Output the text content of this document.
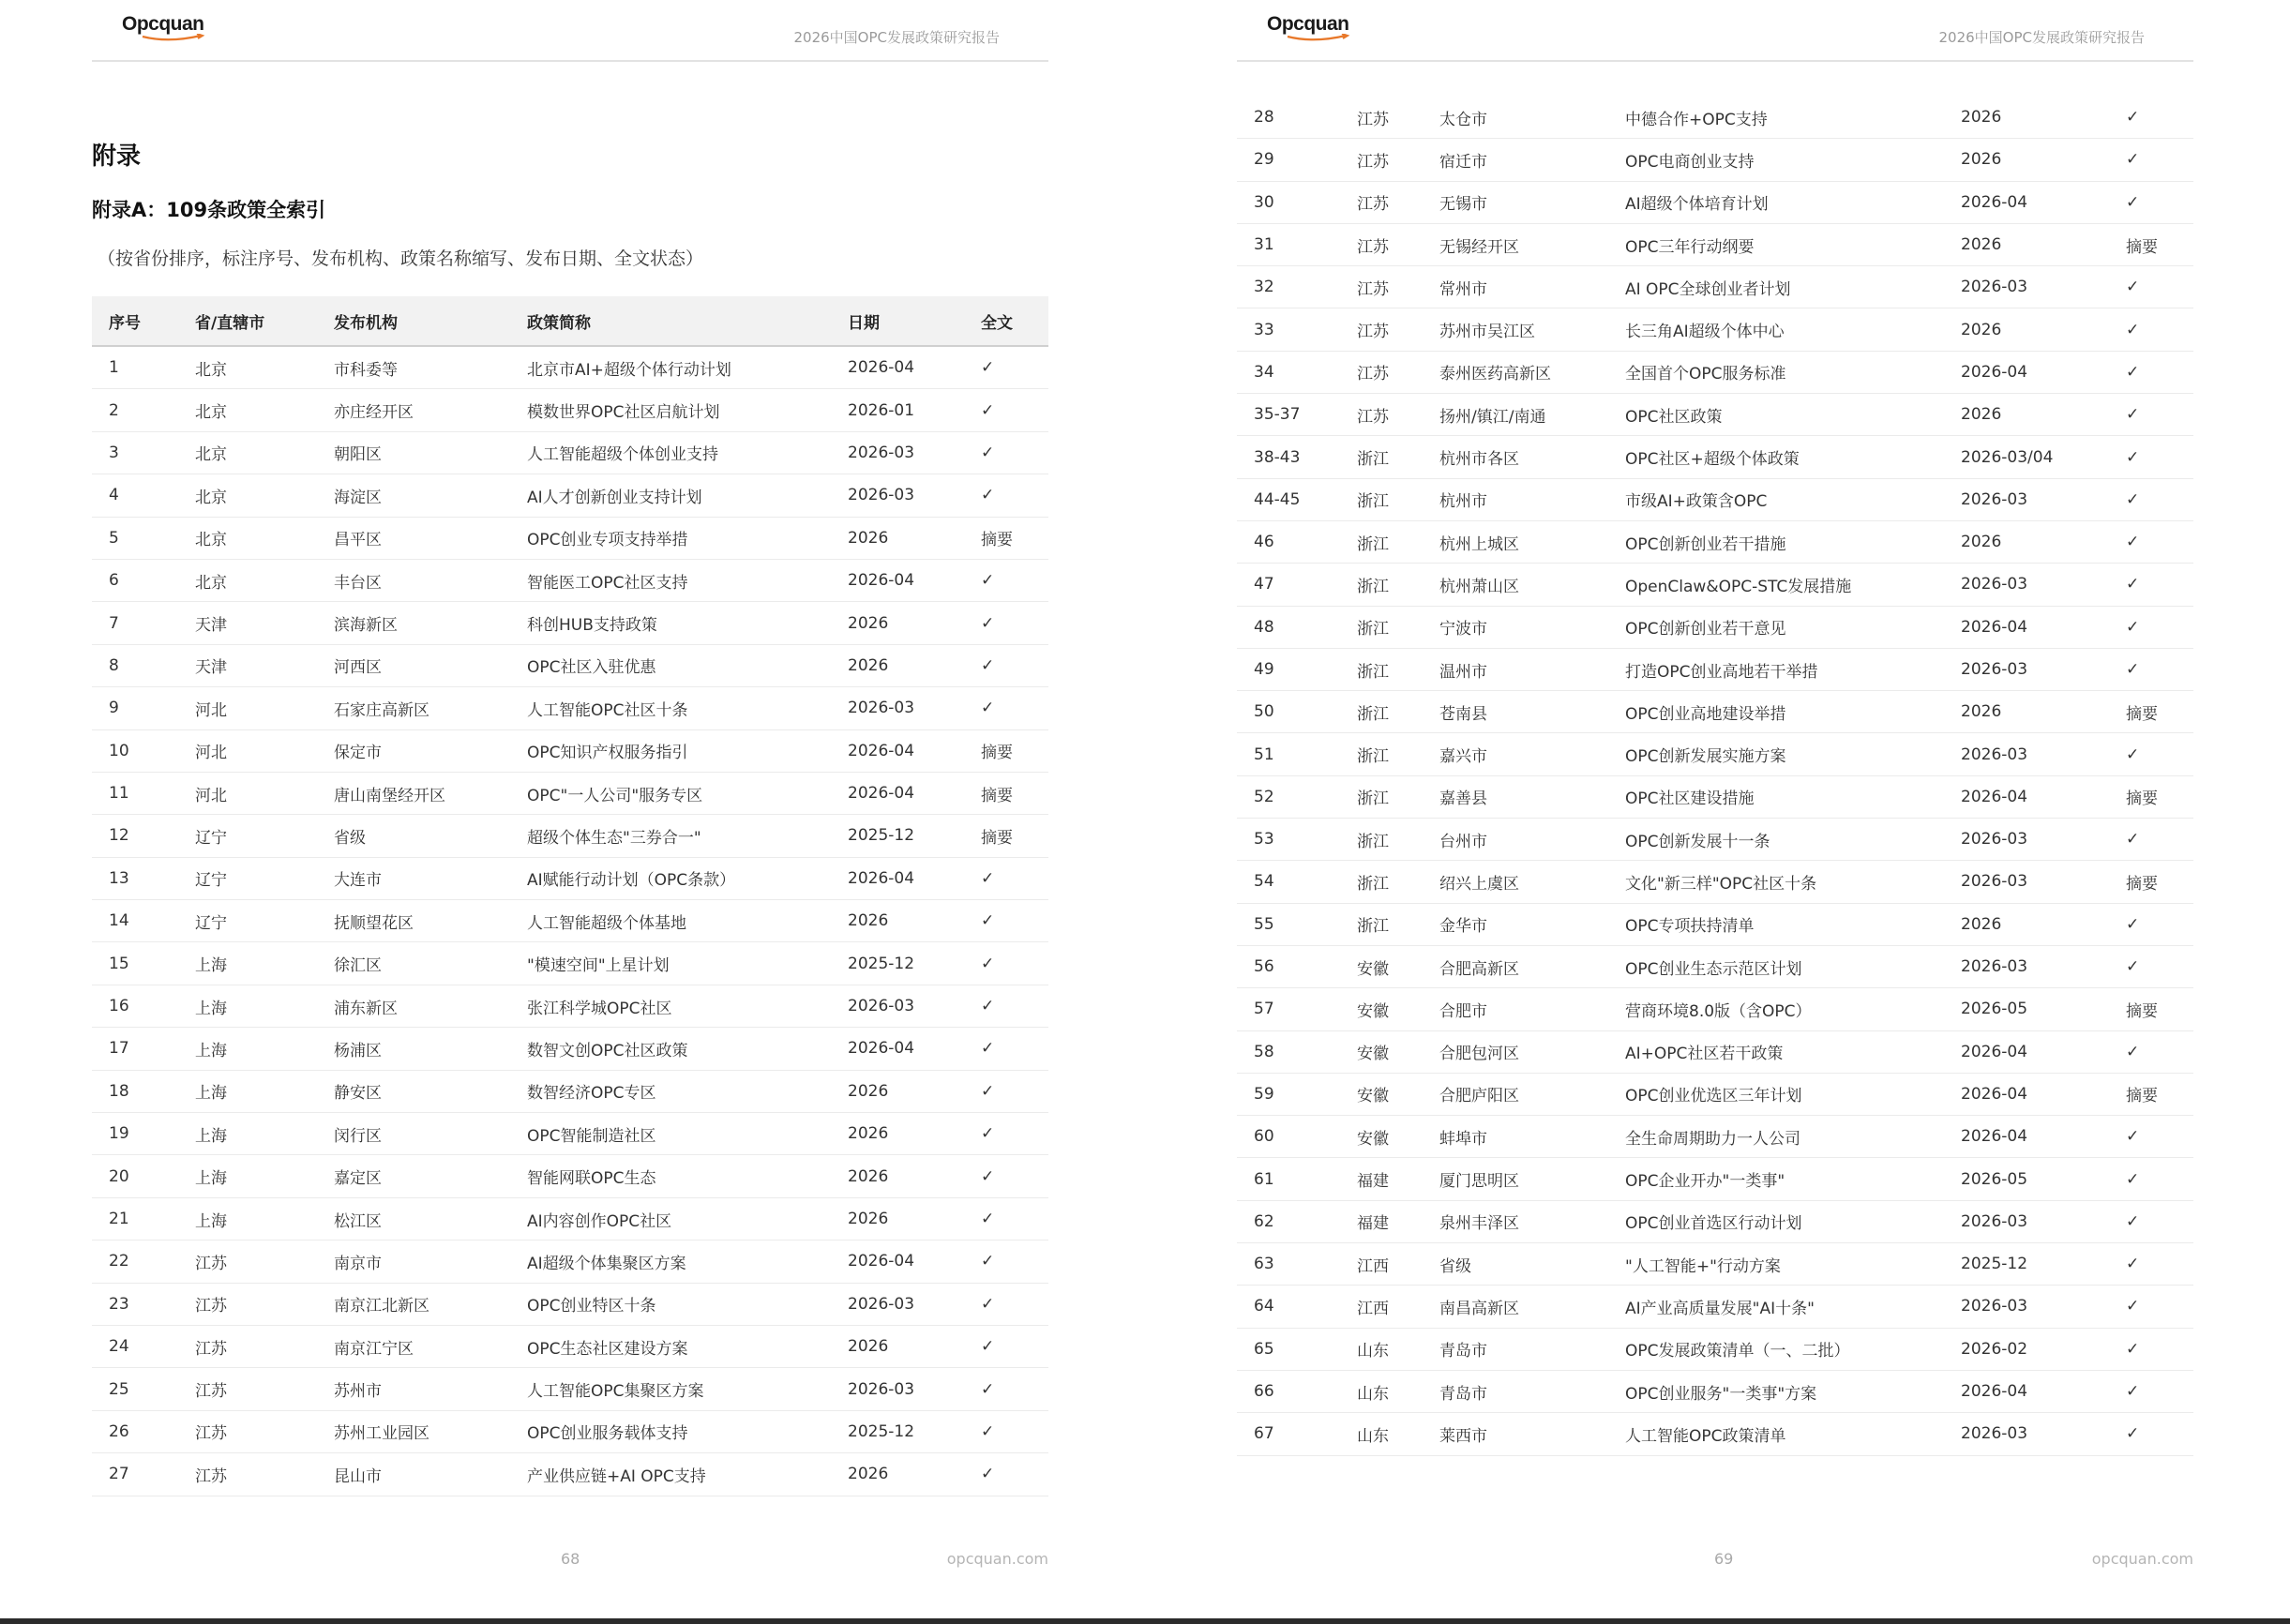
Opcquan
2026中国OPC发展政策研究报告
附录
附录A：109条政策全索引
（按省份排序，标注序号、发布机构、政策名称缩写、发布日期、全文状态）
序号	省/直辖市	发布机构	政策简称	日期	全文
1	北京	市科委等	北京市AI+超级个体行动计划	2026-04	✓
2	北京	亦庄经开区	模数世界OPC社区启航计划	2026-01	✓
3	北京	朝阳区	人工智能超级个体创业支持	2026-03	✓
4	北京	海淀区	AI人才创新创业支持计划	2026-03	✓
5	北京	昌平区	OPC创业专项支持举措	2026	摘要
6	北京	丰台区	智能医工OPC社区支持	2026-04	✓
7	天津	滨海新区	科创HUB支持政策	2026	✓
8	天津	河西区	OPC社区入驻优惠	2026	✓
9	河北	石家庄高新区	人工智能OPC社区十条	2026-03	✓
10	河北	保定市	OPC知识产权服务指引	2026-04	摘要
11	河北	唐山南堡经开区	OPC"一人公司"服务专区	2026-04	摘要
12	辽宁	省级	超级个体生态"三券合一"	2025-12	摘要
13	辽宁	大连市	AI赋能行动计划（OPC条款）	2026-04	✓
14	辽宁	抚顺望花区	人工智能超级个体基地	2026	✓
15	上海	徐汇区	"模速空间"上星计划	2025-12	✓
16	上海	浦东新区	张江科学城OPC社区	2026-03	✓
17	上海	杨浦区	数智文创OPC社区政策	2026-04	✓
18	上海	静安区	数智经济OPC专区	2026	✓
19	上海	闵行区	OPC智能制造社区	2026	✓
20	上海	嘉定区	智能网联OPC生态	2026	✓
21	上海	松江区	AI内容创作OPC社区	2026	✓
22	江苏	南京市	AI超级个体集聚区方案	2026-04	✓
23	江苏	南京江北新区	OPC创业特区十条	2026-03	✓
24	江苏	南京江宁区	OPC生态社区建设方案	2026	✓
25	江苏	苏州市	人工智能OPC集聚区方案	2026-03	✓
26	江苏	苏州工业园区	OPC创业服务载体支持	2025-12	✓
27	江苏	昆山市	产业供应链+AI OPC支持	2026	✓
68	opcquan.com
Opcquan
2026中国OPC发展政策研究报告
28	江苏	太仓市	中德合作+OPC支持	2026	✓
29	江苏	宿迁市	OPC电商创业支持	2026	✓
30	江苏	无锡市	AI超级个体培育计划	2026-04	✓
31	江苏	无锡经开区	OPC三年行动纲要	2026	摘要
32	江苏	常州市	AI OPC全球创业者计划	2026-03	✓
33	江苏	苏州市吴江区	长三角AI超级个体中心	2026	✓
34	江苏	泰州医药高新区	全国首个OPC服务标准	2026-04	✓
35-37	江苏	扬州/镇江/南通	OPC社区政策	2026	✓
38-43	浙江	杭州市各区	OPC社区+超级个体政策	2026-03/04	✓
44-45	浙江	杭州市	市级AI+政策含OPC	2026-03	✓
46	浙江	杭州上城区	OPC创新创业若干措施	2026	✓
47	浙江	杭州萧山区	OpenClaw&OPC-STC发展措施	2026-03	✓
48	浙江	宁波市	OPC创新创业若干意见	2026-04	✓
49	浙江	温州市	打造OPC创业高地若干举措	2026-03	✓
50	浙江	苍南县	OPC创业高地建设举措	2026	摘要
51	浙江	嘉兴市	OPC创新发展实施方案	2026-03	✓
52	浙江	嘉善县	OPC社区建设措施	2026-04	摘要
53	浙江	台州市	OPC创新发展十一条	2026-03	✓
54	浙江	绍兴上虞区	文化"新三样"OPC社区十条	2026-03	摘要
55	浙江	金华市	OPC专项扶持清单	2026	✓
56	安徽	合肥高新区	OPC创业生态示范区计划	2026-03	✓
57	安徽	合肥市	营商环境8.0版（含OPC）	2026-05	摘要
58	安徽	合肥包河区	AI+OPC社区若干政策	2026-04	✓
59	安徽	合肥庐阳区	OPC创业优选区三年计划	2026-04	摘要
60	安徽	蚌埠市	全生命周期助力一人公司	2026-04	✓
61	福建	厦门思明区	OPC企业开办"一类事"	2026-05	✓
62	福建	泉州丰泽区	OPC创业首选区行动计划	2026-03	✓
63	江西	省级	"人工智能+"行动方案	2025-12	✓
64	江西	南昌高新区	AI产业高质量发展"AI十条"	2026-03	✓
65	山东	青岛市	OPC发展政策清单（一、二批）	2026-02	✓
66	山东	青岛市	OPC创业服务"一类事"方案	2026-04	✓
67	山东	莱西市	人工智能OPC政策清单	2026-03	✓
69	opcquan.com
